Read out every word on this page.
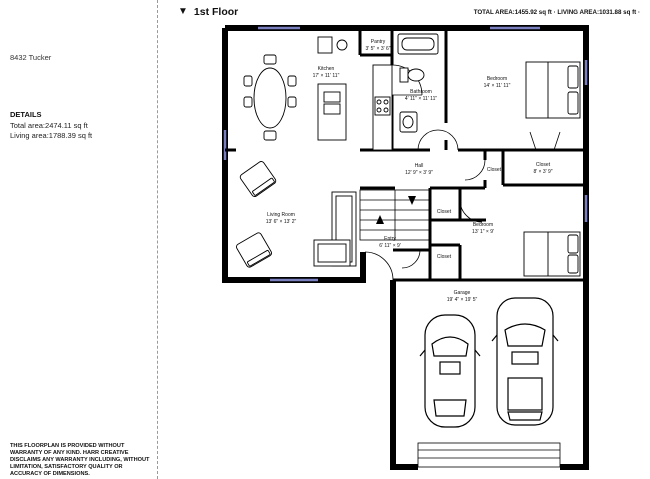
8432 Tucker
DETAILS
Total area:2474.11 sq ft
Living area:1788.39 sq ft
THIS FLOORPLAN IS PROVIDED WITHOUT WARRANTY OF ANY KIND. HARR CREATIVE DISCLAIMS ANY WARRANTY INCLUDING, WITHOUT LIMITATION, SATISFACTORY QUALITY OR ACCURACY OF DIMENSIONS.
▼ 1st Floor	TOTAL AREA:1455.92 sq ft · LIVING AREA:1031.88 sq ft ·
Pantry
3' 5" × 3' 6"
Kitchen
17' × 11' 11"
Bathroom
4' 11" × 11' 11"
Bedroom
14' × 11' 11"
Hall
12' 9" × 3' 9"	Closet
Closet
8' × 3' 9"
Living Room
13' 6" × 13' 2"
Closet
Bedroom
13' 1" × 9'
Entry
6' 11" × 9'
Closet
Garage
19' 4" × 19' 5"
